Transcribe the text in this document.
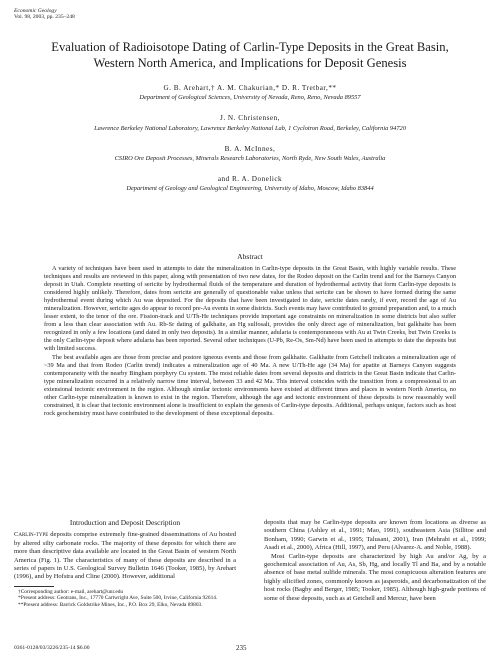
Economic Geology
Vol. 98, 2003, pp. 235–248
Evaluation of Radioisotope Dating of Carlin-Type Deposits in the Great Basin,
Western North America, and Implications for Deposit Genesis
G. B. Arehart,† A. M. Chakurian,* D. R. Tretbar,**
Department of Geological Sciences, University of Nevada, Reno, Reno, Nevada 89557
J. N. Christensen,
Lawrence Berkeley National Laboratory, Lawrence Berkeley National Lab, 1 Cyclotron Road, Berkeley, California 94720
B. A. McInnes,
CSIRO Ore Deposit Processes, Minerals Research Laboratories, North Ryde, New South Wales, Australia
and R. A. Donelick
Department of Geology and Geological Engineering, University of Idaho, Moscow, Idaho 83844
Abstract

A variety of techniques have been used in attempts to date the mineralization in Carlin-type deposits in the Great Basin, with highly variable results. These techniques and results are reviewed in this paper, along with presentation of two new dates, for the Rodeo deposit on the Carlin trend and for the Barneys Canyon deposit in Utah. Complete resetting of sericite by hydrothermal fluids of the temperature and duration of hydrothermal activity that form Carlin-type deposits is considered highly unlikely. Therefore, dates from sericite are generally of questionable value unless that sericite can be shown to have formed during the same hydrothermal event during which Au was deposited. For the deposits that have been investigated to date, sericite dates rarely, if ever, record the age of Au mineralization. However, sericite ages do appear to record pre-Au events in some districts. Such events may have contributed to ground preparation and, to a much lesser extent, to the tenor of the ore. Fission-track and U/Th-He techniques provide important age constraints on mineralization in some districts but also suffer from a less than clear association with Au. Rb-Sr dating of galkhaite, an Hg sulfosalt, provides the only direct age of mineralization, but galkhaite has been recognized in only a few locations (and dated in only two deposits). In a similar manner, adularia is contemporaneous with Au at Twin Creeks, but Twin Creeks is the only Carlin-type deposit where adularia has been reported. Several other techniques (U-Pb, Re-Os, Sm-Nd) have been used in attempts to date the deposits but with limited success.

The best available ages are those from precise and postore igneous events and those from galkhaite. Galkhaite from Getchell indicates a mineralization age of ~39 Ma and that from Rodeo (Carlin trend) indicates a mineralization age of 40 Ma. A new U/Th-He age (34 Ma) for apatite at Barneys Canyon suggests contemporaneity with the nearby Bingham porphyry Cu system. The most reliable dates from several deposits and districts in the Great Basin indicate that Carlin-type mineralization occurred in a relatively narrow time interval, between 33 and 42 Ma. This interval coincides with the transition from a compressional to an extensional tectonic environment in the region. Although similar tectonic environments have existed at different times and places in western North America, no other Carlin-type mineralization is known to exist in the region. Therefore, although the age and tectonic environment of these deposits is now reasonably well constrained, it is clear that tectonic environment alone is insufficient to explain the genesis of Carlin-type deposits. Additional, perhaps unique, factors such as host rock geochemistry must have contributed to the development of these exceptional deposits.

Introduction and Deposit Description

Carlin-type deposits comprise extremely fine-grained disseminations of Au hosted by altered silty carbonate rocks. The majority of these deposits for which there are more than descriptive data available are located in the Great Basin of western North America (Fig. 1). The characteristics of many of these deposits are described in a series of papers in U.S. Geological Survey Bulletin 1646 (Tooker, 1985), by Arehart (1996), and by Hofstra and Cline (2000). However, additional

†Corresponding author: e-mail, arehart@unr.edu

*Present address: Geotrans, Inc., 17770 Cartwright Ave, Suite 500, Irvine, California 92614.

**Present address: Barrick Goldstrike Mines, Inc., P.O. Box 29, Elko, Nevada 89803.

deposits that may be Carlin-type deposits are known from locations as diverse as southern China (Ashley et al., 1991; Mao, 1991), southeastern Asia (Sillitoe and Bonham, 1990; Garwin et al., 1995; Talusani, 2001), Iran (Mehrabi et al., 1999; Asadi et al., 2000), Africa (Hill, 1997), and Peru (Alvarez-A. and Noble, 1988).

Most Carlin-type deposits are characterized by high Au and/or Ag, by a geochemical association of Au, As, Sb, Hg, and locally Tl and Ba, and by a notable absence of base metal sulfide minerals. The most conspicuous alteration features are highly silicified zones, commonly known as jasperoids, and decarbonatization of the host rocks (Bagby and Berger, 1985; Tooker, 1985). Although high-grade portions of some of these deposits, such as at Getchell and Mercur, have been

0361-0128/03/3226/235-14 $6.00	235
